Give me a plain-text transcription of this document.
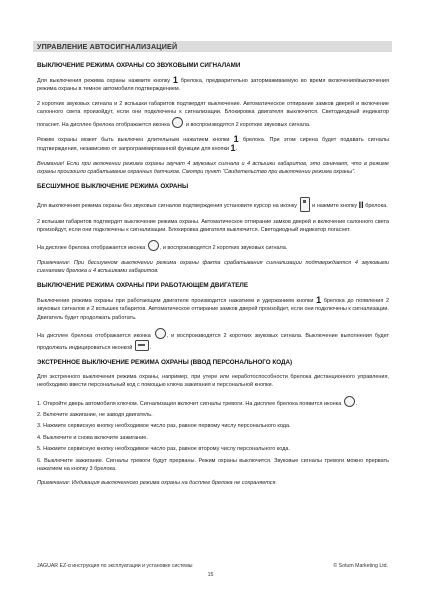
УПРАВЛЕНИЕ АВТОСИГНАЛИЗАЦИЕЙ
ВЫКЛЮЧЕНИЕ РЕЖИМА ОХРАНЫ СО ЗВУКОВЫМИ СИГНАЛАМИ

Для выключения режима охраны нажмите кнопку 1 брелока, предварительно затормаживаемую во время включения/выключения режима охраны в темное автомобиля подтверждением.

2 коротких звуковых сигнала и 2 вспышки габаритов подтвердят выключение. Автоматическое отпирание замков дверей и включение салонного света произойдут, если они подключены к сигнализации. Блокировка двигателя выключится. Светодиодный индикатор погаснет. На дисплее брелока отображается иконка	и воспроизводятся 2 коротких звуковых сигнала.

Режим охраны может быть выключен длительным нажатием кнопки 1 брелока. При этом сирена будет подавать сигналы подтверждения, независимо от запрограммированной функции для кнопки 1.

Внимание! Если при включении режима охраны звучат 4 звуковых сигнала и 4 вспышки габаритов, это означает, что в режиме охраны произошло срабатывание охранных датчиков. Смотри пункт “Свидетельство при выключении режима охраны”.

БЕСШУМНОЕ ВЫКЛЮЧЕНИЕ РЕЖИМА ОХРАНЫ

Для выключения режима охраны без звуковых сигналов подтверждения установите курсор на иконку	и нажмите кнопку II брелока.

2 вспышки габаритов подтвердят выключение режима охраны. Автоматическое отпирание замков дверей и включение салонного света произойдут, если они подключены к сигнализации. Блокировка двигателя выключится. Светодиодный индикатор погаснет.

На дисплее брелока отображается иконка	, и воспроизводятся 2 коротких звуковых сигнала.

Примечание: При бесшумном выключении режима охраны факта срабатывания сигнализации подтверждается 4 звуковыми сигналами брелока и 4 вспышками габаритов.

ВЫКЛЮЧЕНИЕ РЕЖИМА ОХРАНЫ ПРИ РАБОТАЮЩЕМ ДВИГАТЕЛЕ

Выключение режима охраны при работающем двигателе производится нажатием и удержанием кнопки 1 брелока до появления 2 звуковых сигналов и 2 вспышек габаритов. Автоматическое отпирание замков дверей произойдет, если они подключены к сигнализации. Двигатель будет продолжать работать.

На дисплее брелока отображается иконка	, и воспроизводятся 2 коротких звуковых сигнала. Выключение выполнения будет продолжать индицироваться иконкой	.

ЭКСТРЕННОЕ ВЫКЛЮЧЕНИЕ РЕЖИМА ОХРАНЫ (ВВОД ПЕРСОНАЛЬНОГО КОДА)

Для экстренного выключения режима охраны, например, при утере или неработоспособности брелока дистанционного управления, необходимо ввести персональный код с помощью ключа зажигания и персональной кнопки.

1. Откройте дверь автомобиля ключом. Сигнализация включит сигналы тревоги. На дисплее брелока появится иконка	.

2. Включите зажигание, не заводя двигатель.

3. Нажмите сервисную кнопку необходимое число раз, равное первому числу персонального кода.

4. Выключите и снова включите зажигание.

5. Нажмите сервисную кнопку необходимое число раз, равное второму числу персонального кода.

6. Выключите зажигание. Сигналы тревоги будут прерваны. Режим охраны выключится. Звуковые сигналы тревоги можно прервать нажатием на кнопку 3 брелока.

Примечание: Индикация выключенного режима охраны на дисплее брелока не сохраняется.

JAGUAR EZ-α инструкция по эксплуатации и установке системы	© Sotum Marketing Ltd.
15
